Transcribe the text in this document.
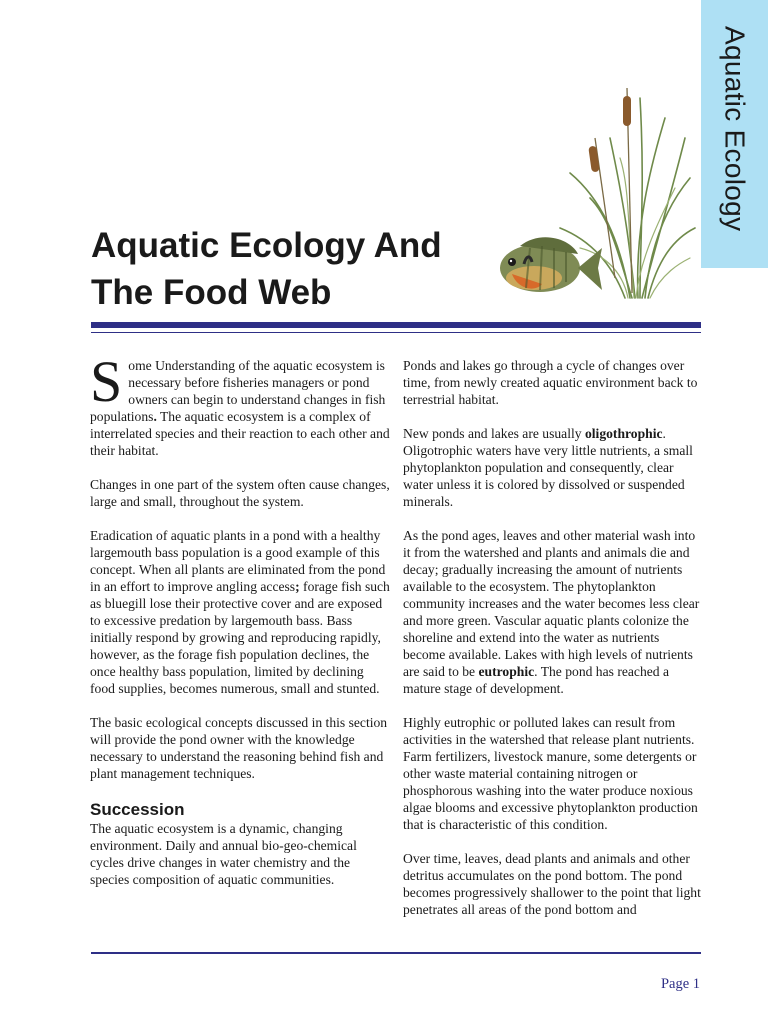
Aquatic Ecology
Aquatic Ecology And
The Food Web

Some Understanding of the aquatic ecosystem is necessary before fisheries managers or pond owners can begin to understand changes in fish populations. The aquatic ecosystem is a complex of interrelated species and their reaction to each other and their habitat.

Changes in one part of the system often cause changes, large and small, throughout the system.

Eradication of aquatic plants in a pond with a healthy largemouth bass population is a good example of this concept. When all plants are eliminated from the pond in an effort to improve angling access; forage fish such as bluegill lose their protective cover and are exposed to excessive predation by largemouth bass. Bass initially respond by growing and reproducing rapidly, however, as the forage fish population declines, the once healthy bass population, limited by declining food supplies, becomes numerous, small and stunted.

The basic ecological concepts discussed in this section will provide the pond owner with the knowledge necessary to understand the reasoning behind fish and plant management techniques.

Succession

The aquatic ecosystem is a dynamic, changing environment. Daily and annual bio-geo-chemical cycles drive changes in water chemistry and the species composition of aquatic communities.

Ponds and lakes go through a cycle of changes over time, from newly created aquatic environment back to terrestrial habitat.

New ponds and lakes are usually oligothrophic. Oligotrophic waters have very little nutrients, a small phytoplankton population and consequently, clear water unless it is colored by dissolved or suspended minerals.

As the pond ages, leaves and other material wash into it from the watershed and plants and animals die and decay; gradually increasing the amount of nutrients available to the ecosystem. The phytoplankton community increases and the water becomes less clear and more green. Vascular aquatic plants colonize the shoreline and extend into the water as nutrients become available. Lakes with high levels of nutrients are said to be eutrophic. The pond has reached a mature stage of development.

Highly eutrophic or polluted lakes can result from activities in the watershed that release plant nutrients. Farm fertilizers, livestock manure, some detergents or other waste material containing nitrogen or phosphorous washing into the water produce noxious algae blooms and excessive phytoplankton production that is characteristic of this condition.

Over time, leaves, dead plants and animals and other detritus accumulates on the pond bottom. The pond becomes progressively shallower to the point that light penetrates all areas of the pond bottom and

Page 1
